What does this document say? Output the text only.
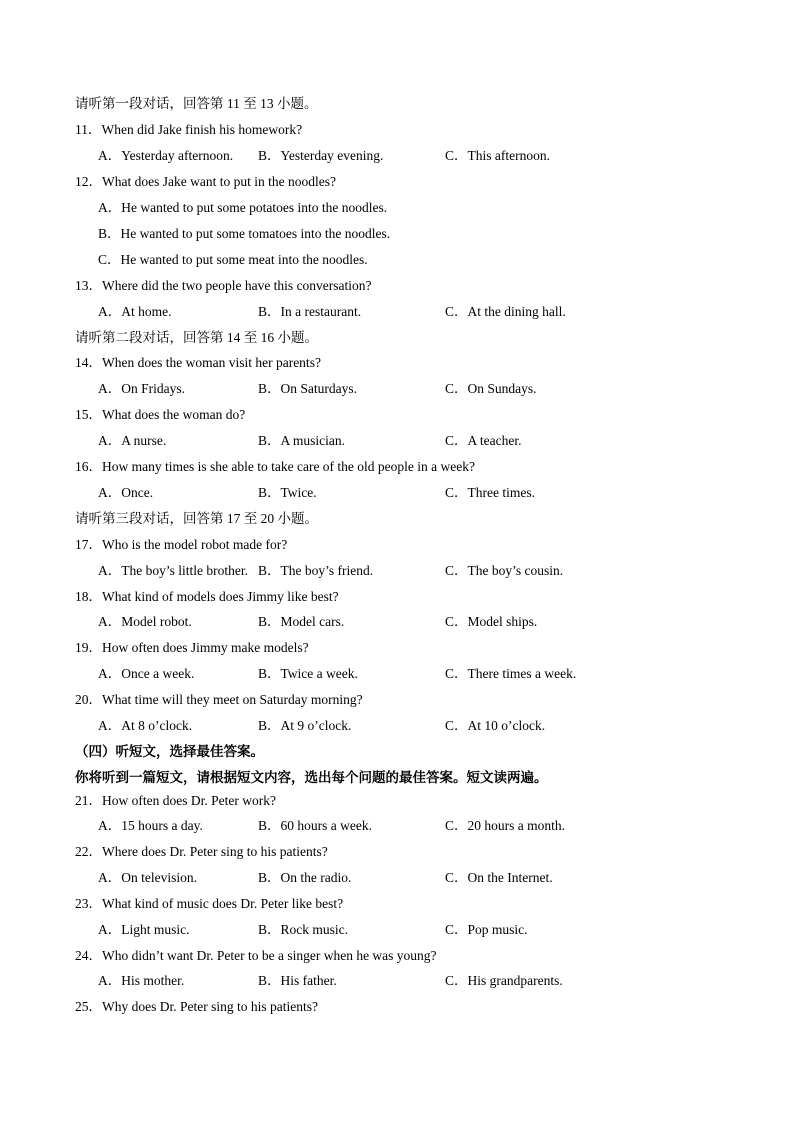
请听第一段对话，回答第 11 至 13 小题。
11．When did Jake finish his homework?
A．Yesterday afternoon. B．Yesterday evening.	C．This afternoon.
12．What does Jake want to put in the noodles?
A．He wanted to put some potatoes into the noodles.
B．He wanted to put some tomatoes into the noodles.
C．He wanted to put some meat into the noodles.
13．Where did the two people have this conversation?
A．At home.	B．In a restaurant.	C．At the dining hall.
请听第二段对话，回答第 14 至 16 小题。
14．When does the woman visit her parents?
A．On Fridays.	B．On Saturdays.	C．On Sundays.
15．What does the woman do?
A．A nurse.	B．A musician.	C．A teacher.
16．How many times is she able to take care of the old people in a week?
A．Once.	B．Twice.	C．Three times.
请听第三段对话，回答第 17 至 20 小题。
17．Who is the model robot made for?
A．The boy’s little brother. B．The boy’s friend.	C．The boy’s cousin.
18．What kind of models does Jimmy like best?
A．Model robot.	B．Model cars.	C．Model ships.
19．How often does Jimmy make models?
A．Once a week.	B．Twice a week.	C．There times a week.
20．What time will they meet on Saturday morning?
A．At 8 o’clock.	B．At 9 o’clock.	C．At 10 o’clock.
（四）听短文，选择最佳答案。
你将听到一篇短文，请根据短文内容，选出每个问题的最佳答案。短文读两遍。
21．How often does Dr. Peter work?
A．15 hours a day.	B．60 hours a week.	C．20 hours a month.
22．Where does Dr. Peter sing to his patients?
A．On television.	B．On the radio.	C．On the Internet.
23．What kind of music does Dr. Peter like best?
A．Light music.	B．Rock music.	C．Pop music.
24．Who didn’t want Dr. Peter to be a singer when he was young?
A．His mother.	B．His father.	C．His grandparents.
25．Why does Dr. Peter sing to his patients?
